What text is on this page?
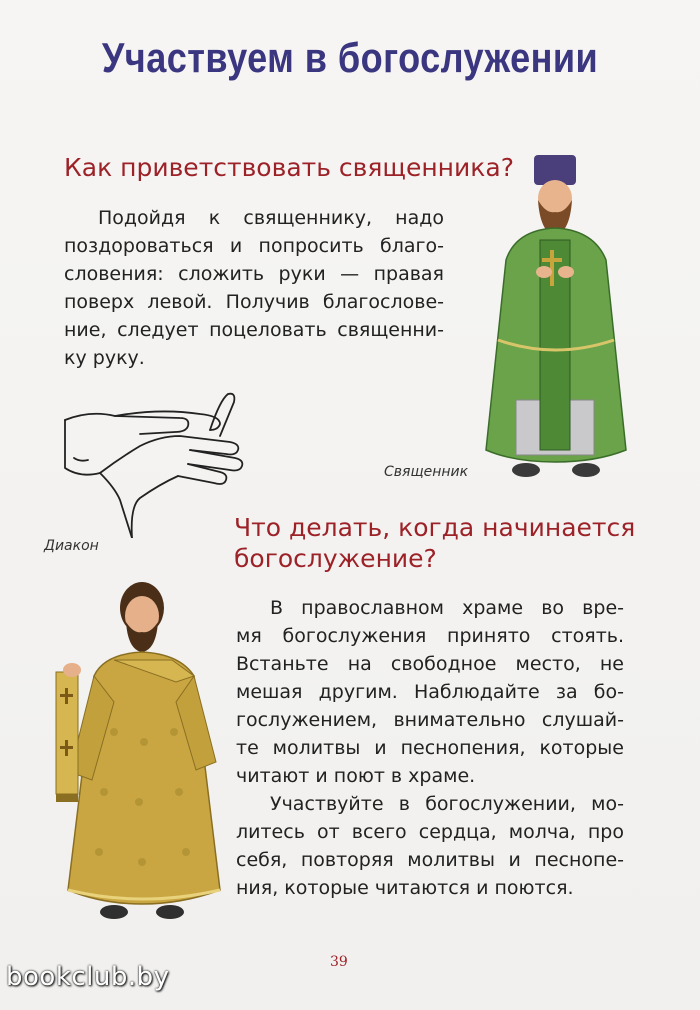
Участвуем в богослужении
Как приветствовать священника?
Подойдя к священнику, надо
поздороваться и попросить благо-
словения: сложить руки — правая
поверх левой. Получив благослове-
ние, следует поцеловать священни-
ку руку.
Священник
Диакон
Что делать, когда начинается
богослужение?
В православном храме во вре-
мя богослужения принято стоять.
Встаньте на свободное место, не
мешая другим. Наблюдайте за бо-
гослужением, внимательно слушай-
те молитвы и песнопения, которые
читают и поют в храме.
Участвуйте в богослужении, мо-
литесь от всего сердца, молча, про
себя, повторяя молитвы и песнопе-
ния, которые читаются и поются.
39
bookclub.by
